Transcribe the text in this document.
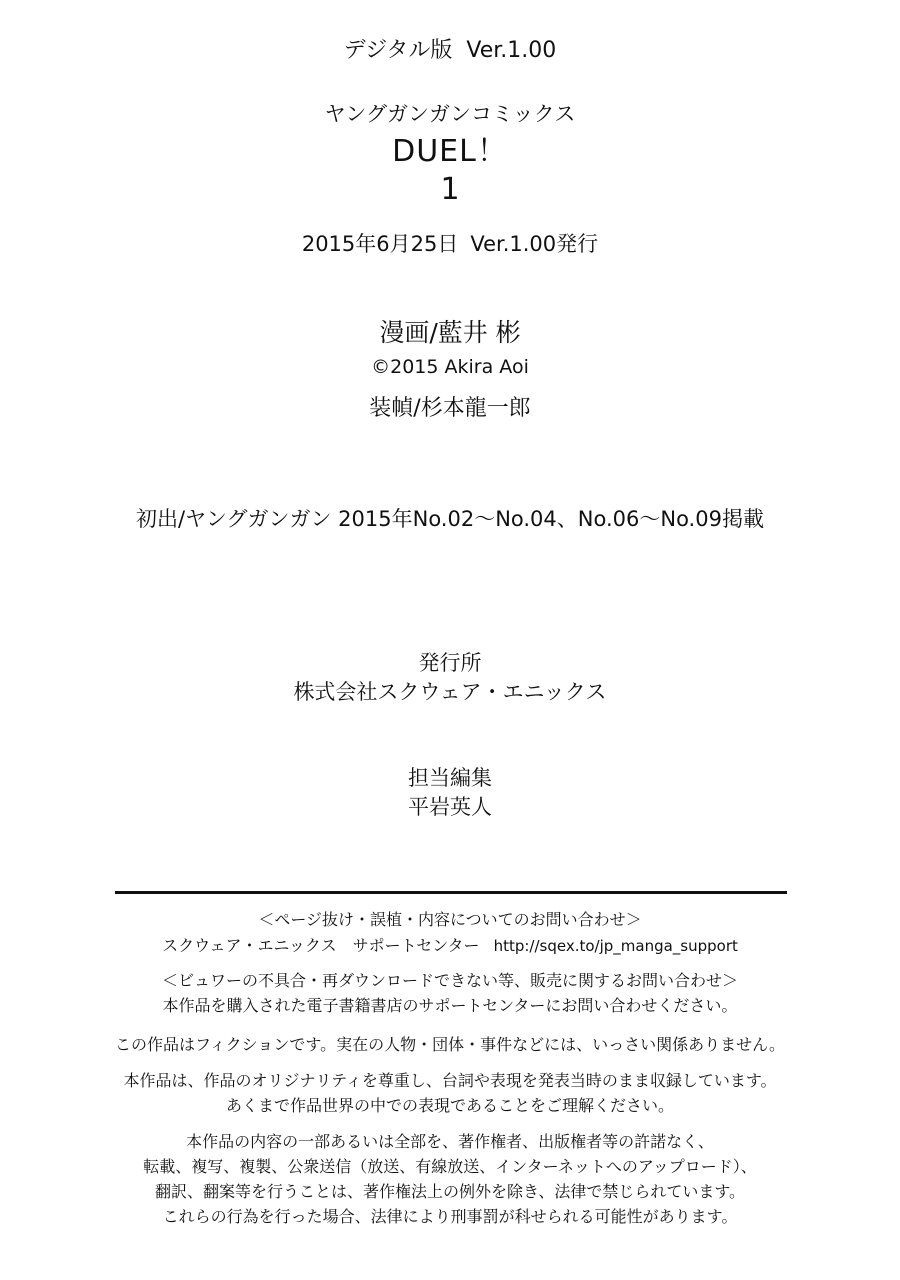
デジタル版 Ver.1.00
ヤングガンガンコミックス
DUEL！
1
2015年6月25日 Ver.1.00発行
漫画/藍井 彬
©2015 Akira Aoi
装幀/杉本龍一郎
初出/ヤングガンガン 2015年No.02～No.04、No.06～No.09掲載
発行所
株式会社スクウェア・エニックス
担当編集
平岩英人
＜ページ抜け・誤植・内容についてのお問い合わせ＞
スクウェア・エニックス　サポートセンター http://sqex.to/jp_manga_support
＜ビュワーの不具合・再ダウンロードできない等、販売に関するお問い合わせ＞
本作品を購入された電子書籍書店のサポートセンターにお問い合わせください。
この作品はフィクションです。実在の人物・団体・事件などには、いっさい関係ありません。
本作品は、作品のオリジナリティを尊重し、台詞や表現を発表当時のまま収録しています。
あくまで作品世界の中での表現であることをご理解ください。
本作品の内容の一部あるいは全部を、著作権者、出版権者等の許諾なく、
転載、複写、複製、公衆送信（放送、有線放送、インターネットへのアップロード）、
翻訳、翻案等を行うことは、著作権法上の例外を除き、法律で禁じられています。
これらの行為を行った場合、法律により刑事罰が科せられる可能性があります。
